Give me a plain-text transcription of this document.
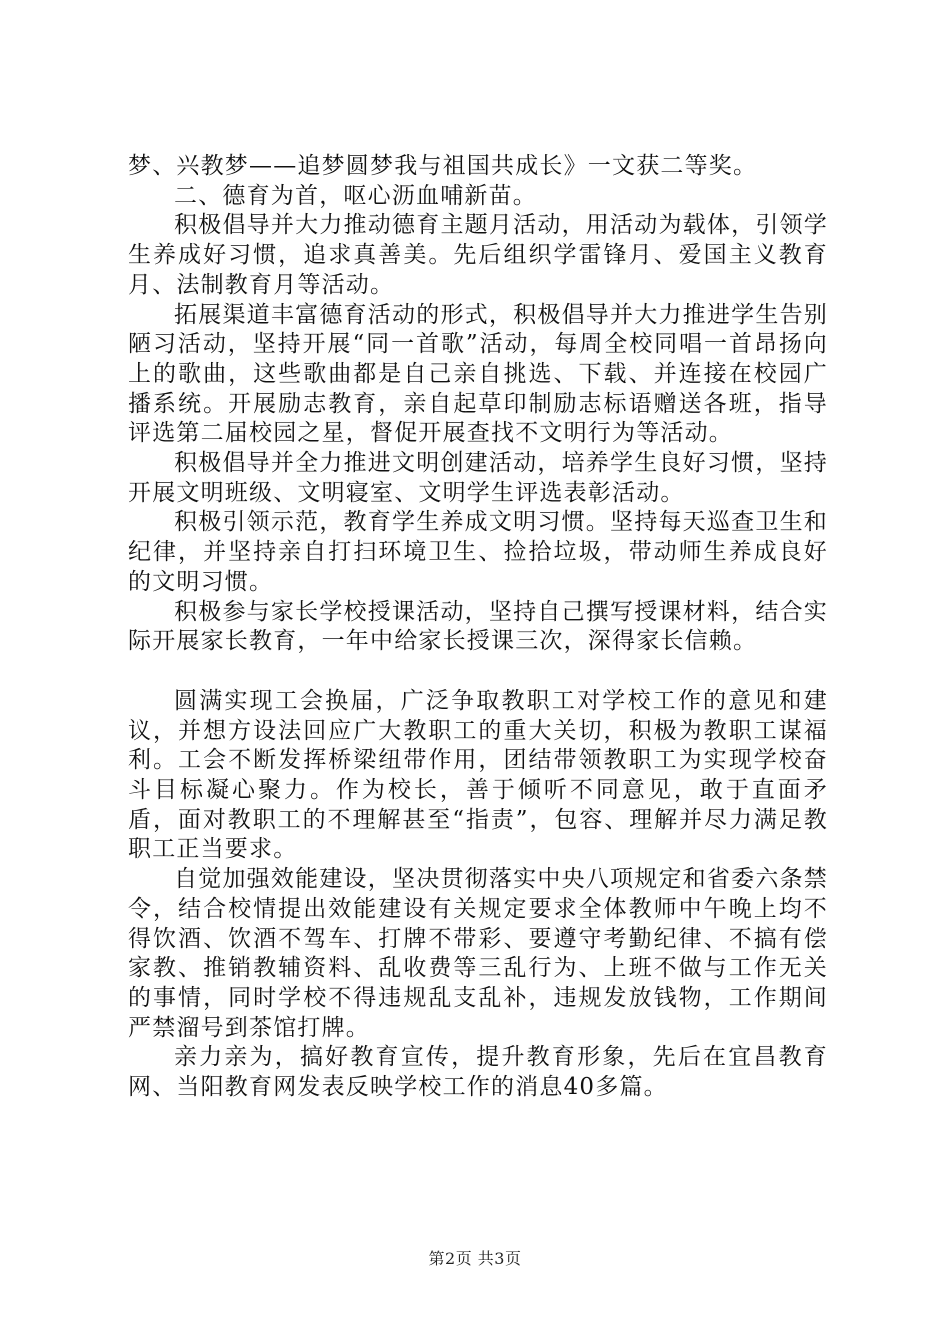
梦、兴教梦——追梦圆梦我与祖国共成长》一文获二等奖。

二、德育为首，呕心沥血哺新苗。

积极倡导并大力推动德育主题月活动，用活动为载体，引领学生养成好习惯，追求真善美。先后组织学雷锋月、爱国主义教育月、法制教育月等活动。

拓展渠道丰富德育活动的形式，积极倡导并大力推进学生告别陋习活动，坚持开展“同一首歌”活动，每周全校同唱一首昂扬向上的歌曲，这些歌曲都是自己亲自挑选、下载、并连接在校园广播系统。开展励志教育，亲自起草印制励志标语赠送各班，指导评选第二届校园之星，督促开展查找不文明行为等活动。

积极倡导并全力推进文明创建活动，培养学生良好习惯，坚持开展文明班级、文明寝室、文明学生评选表彰活动。

积极引领示范，教育学生养成文明习惯。坚持每天巡查卫生和纪律，并坚持亲自打扫环境卫生、捡拾垃圾，带动师生养成良好的文明习惯。

积极参与家长学校授课活动，坚持自己撰写授课材料，结合实际开展家长教育，一年中给家长授课三次，深得家长信赖。

圆满实现工会换届，广泛争取教职工对学校工作的意见和建议，并想方设法回应广大教职工的重大关切，积极为教职工谋福利。工会不断发挥桥梁纽带作用，团结带领教职工为实现学校奋斗目标凝心聚力。作为校长，善于倾听不同意见，敢于直面矛盾，面对教职工的不理解甚至“指责”，包容、理解并尽力满足教职工正当要求。

自觉加强效能建设，坚决贯彻落实中央八项规定和省委六条禁令，结合校情提出效能建设有关规定要求全体教师中午晚上均不得饮酒、饮酒不驾车、打牌不带彩、要遵守考勤纪律、不搞有偿家教、推销教辅资料、乱收费等三乱行为、上班不做与工作无关的事情，同时学校不得违规乱支乱补，违规发放钱物，工作期间严禁溜号到茶馆打牌。

亲力亲为，搞好教育宣传，提升教育形象，先后在宜昌教育网、当阳教育网发表反映学校工作的消息40多篇。

第2页 共3页
